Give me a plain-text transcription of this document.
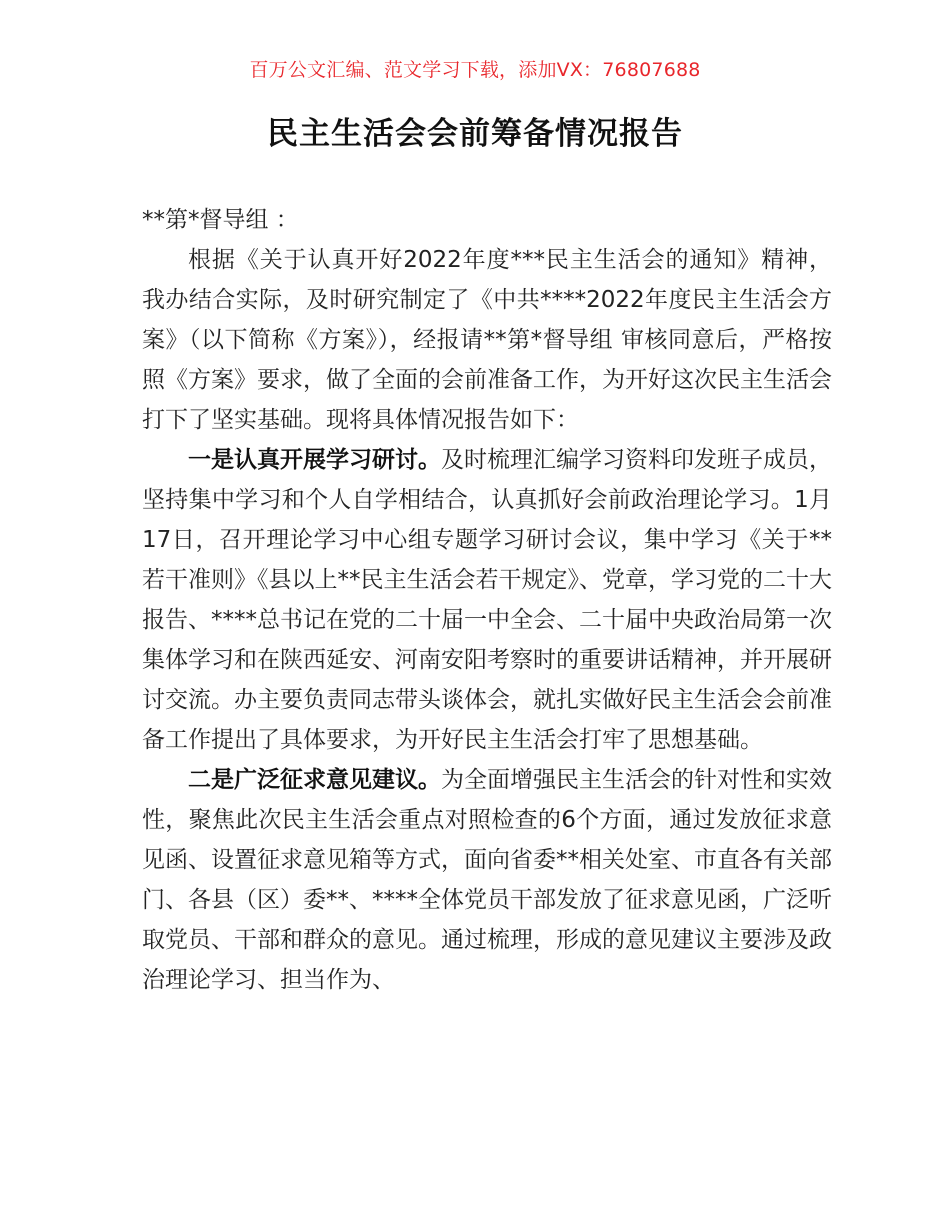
百万公文汇编、范文学习下载，添加VX：76807688
民主生活会会前筹备情况报告

**第*督导组 ：

根据《关于认真开好2022年度***民主生活会的通知》精神，我办结合实际，及时研究制定了《中共****2022年度民主生活会方案》（以下简称《方案》），经报请**第*督导组 审核同意后，严格按照《方案》要求，做了全面的会前准备工作，为开好这次民主生活会打下了坚实基础。现将具体情况报告如下：

一是认真开展学习研讨。及时梳理汇编学习资料印发班子成员，坚持集中学习和个人自学相结合，认真抓好会前政治理论学习。1月17日，召开理论学习中心组专题学习研讨会议，集中学习《关于**若干准则》《县以上**民主生活会若干规定》、党章，学习党的二十大报告、****总书记在党的二十届一中全会、二十届中央政治局第一次集体学习和在陕西延安、河南安阳考察时的重要讲话精神，并开展研讨交流。办主要负责同志带头谈体会，就扎实做好民主生活会会前准备工作提出了具体要求，为开好民主生活会打牢了思想基础。

二是广泛征求意见建议。为全面增强民主生活会的针对性和实效性，聚焦此次民主生活会重点对照检查的6个方面，通过发放征求意见函、设置征求意见箱等方式，面向省委**相关处室、市直各有关部门、各县（区）委**、****全体党员干部发放了征求意见函，广泛听取党员、干部和群众的意见。通过梳理，形成的意见建议主要涉及政治理论学习、担当作为、
